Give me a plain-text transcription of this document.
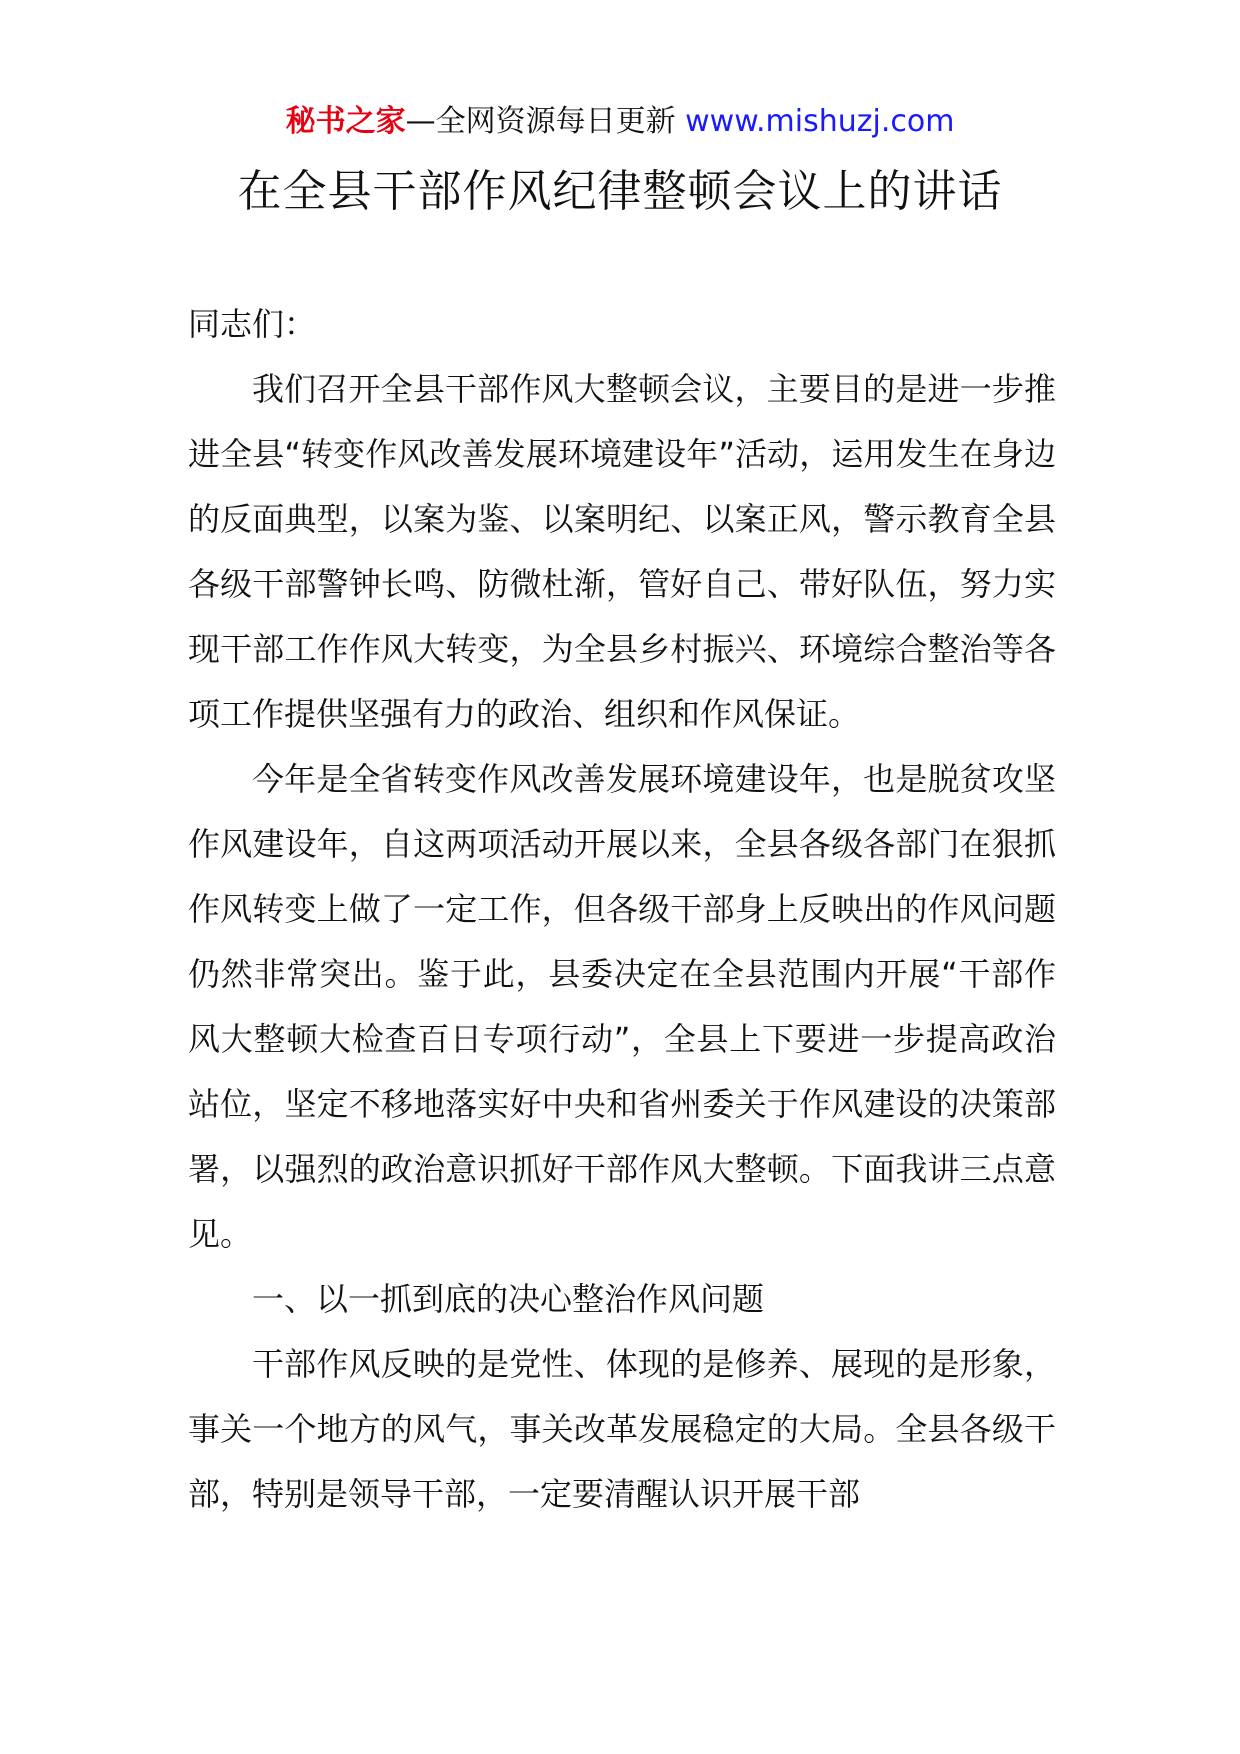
秘书之家—全网资源每日更新 www.mishuzj.com
在全县干部作风纪律整顿会议上的讲话

同志们：

我们召开全县干部作风大整顿会议，主要目的是进一步推进全县“转变作风改善发展环境建设年”活动，运用发生在身边的反面典型，以案为鉴、以案明纪、以案正风，警示教育全县各级干部警钟长鸣、防微杜渐，管好自己、带好队伍，努力实现干部工作作风大转变，为全县乡村振兴、环境综合整治等各项工作提供坚强有力的政治、组织和作风保证。

今年是全省转变作风改善发展环境建设年，也是脱贫攻坚作风建设年，自这两项活动开展以来，全县各级各部门在狠抓作风转变上做了一定工作，但各级干部身上反映出的作风问题仍然非常突出。鉴于此，县委决定在全县范围内开展“干部作风大整顿大检查百日专项行动”，全县上下要进一步提高政治站位，坚定不移地落实好中央和省州委关于作风建设的决策部署，以强烈的政治意识抓好干部作风大整顿。下面我讲三点意见。

一、以一抓到底的决心整治作风问题

干部作风反映的是党性、体现的是修养、展现的是形象，事关一个地方的风气，事关改革发展稳定的大局。全县各级干部，特别是领导干部，一定要清醒认识开展干部
